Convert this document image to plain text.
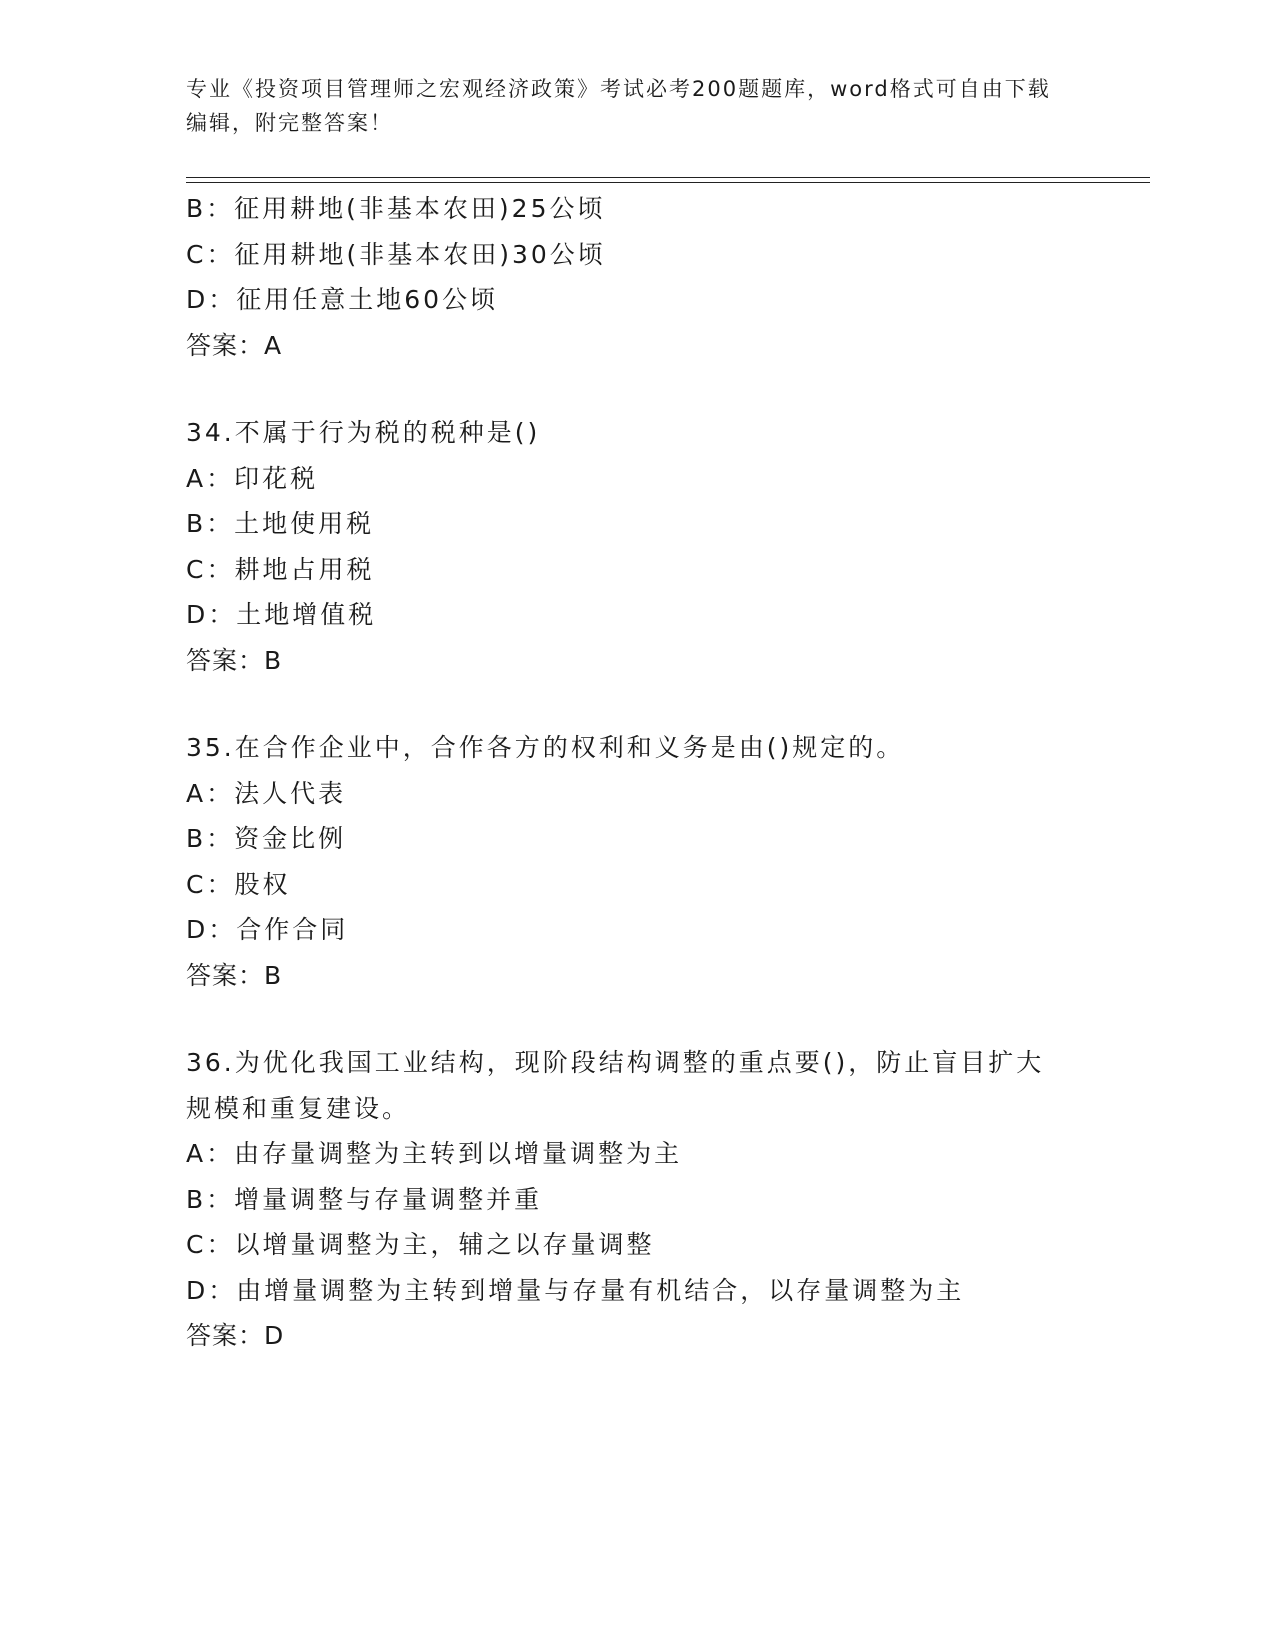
专业《投资项目管理师之宏观经济政策》考试必考200题题库，word格式可自由下载编辑，附完整答案！
B：征用耕地(非基本农田)25公顷
C：征用耕地(非基本农田)30公顷
D：征用任意土地60公顷
答案：A
34.不属于行为税的税种是()
A：印花税
B：土地使用税
C：耕地占用税
D：土地增值税
答案：B
35.在合作企业中，合作各方的权利和义务是由()规定的。
A：法人代表
B：资金比例
C：股权
D：合作合同
答案：B
36.为优化我国工业结构，现阶段结构调整的重点要()，防止盲目扩大规模和重复建设。
A：由存量调整为主转到以增量调整为主
B：增量调整与存量调整并重
C：以增量调整为主，辅之以存量调整
D：由增量调整为主转到增量与存量有机结合，以存量调整为主
答案：D
